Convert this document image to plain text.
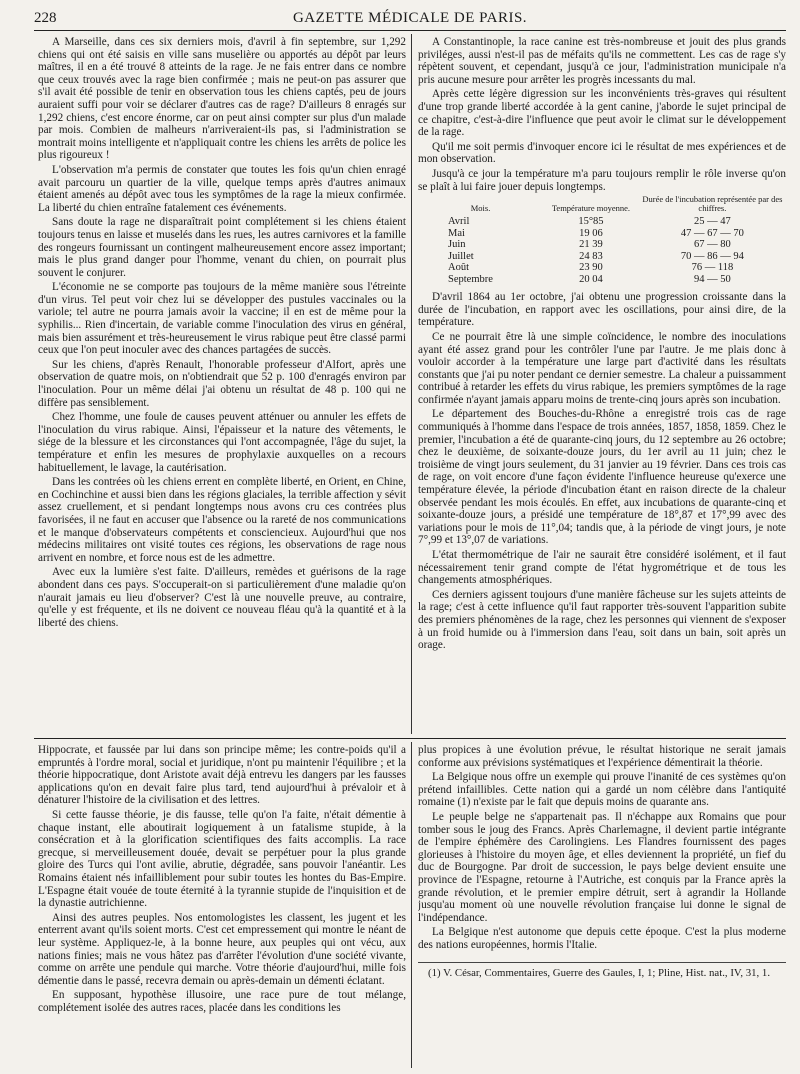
228	GAZETTE MÉDICALE DE PARIS.

A Marseille, dans ces six derniers mois, d'avril à fin septembre, sur 1,292 chiens qui ont été saisis en ville sans muselière ou apportés au dépôt par leurs maîtres, il en a été trouvé 8 atteints de la rage. Je ne fais entrer dans ce nombre que ceux trouvés avec la rage bien confirmée ; mais ne peut-on pas assurer que s'il avait été possible de tenir en observation tous les chiens captés, peu de jours auraient suffi pour voir se déclarer d'autres cas de rage? D'ailleurs 8 enragés sur 1,292 chiens, c'est encore énorme, car on peut ainsi compter sur plus d'un malade par mois. Combien de malheurs n'arriveraient-ils pas, si l'administration se montrait moins intelligente et n'appliquait contre les chiens les arrêts de police les plus rigoureux !

L'observation m'a permis de constater que toutes les fois qu'un chien enragé avait parcouru un quartier de la ville, quelque temps après d'autres animaux étaient amenés au dépôt avec tous les symptômes de la rage la mieux confirmée. La liberté du chien entraîne fatalement ces événements.

Sans doute la rage ne disparaîtrait point complétement si les chiens étaient toujours tenus en laisse et muselés dans les rues, les autres carnivores et la famille des rongeurs fournissant un contingent malheureusement encore assez important; mais le plus grand danger pour l'homme, venant du chien, on pourrait plus souvent le conjurer.

L'économie ne se comporte pas toujours de la même manière sous l'étreinte d'un virus. Tel peut voir chez lui se développer des pustules vaccinales ou la variole; tel autre ne pourra jamais avoir la vaccine; il en est de même pour la syphilis... Rien d'incertain, de variable comme l'inoculation des virus en général, mais bien assurément et très-heureusement le virus rabique peut être classé parmi ceux que l'on peut inoculer avec des chances partagées de succès.

Sur les chiens, d'après Renault, l'honorable professeur d'Alfort, après une observation de quatre mois, on n'obtiendrait que 52 p. 100 d'enragés environ par l'inoculation. Pour un même délai j'ai obtenu un résultat de 48 p. 100 qui ne diffère pas sensiblement.

Chez l'homme, une foule de causes peuvent atténuer ou annuler les effets de l'inoculation du virus rabique. Ainsi, l'épaisseur et la nature des vêtements, le siége de la blessure et les circonstances qui l'ont accompagnée, l'âge du sujet, la température et enfin les mesures de prophylaxie auxquelles on a recours habituellement, le lavage, la cautérisation.

Dans les contrées où les chiens errent en complète liberté, en Orient, en Chine, en Cochinchine et aussi bien dans les régions glaciales, la terrible affection y sévit assez cruellement, et si pendant longtemps nous avons cru ces contrées plus favorisées, il ne faut en accuser que l'absence ou la rareté de nos communications et le manque d'observateurs compétents et consciencieux. Aujourd'hui que nos médecins militaires ont visité toutes ces régions, les observations de rage nous arrivent en nombre, et force nous est de les admettre.

Avec eux la lumière s'est faite. D'ailleurs, remèdes et guérisons de la rage abondent dans ces pays. S'occuperait-on si particulièrement d'une maladie qu'on n'aurait jamais eu lieu d'observer? C'est là une nouvelle preuve, au contraire, qu'elle y est fréquente, et ils ne doivent ce nouveau fléau qu'à la quantité et à la liberté des chiens.

A Constantinople, la race canine est très-nombreuse et jouit des plus grands priviléges, aussi n'est-il pas de méfaits qu'ils ne commettent. Les cas de rage s'y répètent souvent, et cependant, jusqu'à ce jour, l'administration municipale n'a pris aucune mesure pour arrêter les progrès incessants du mal.

Après cette légère digression sur les inconvénients très-graves qui résultent d'une trop grande liberté accordée à la gent canine, j'aborde le sujet principal de ce chapitre, c'est-à-dire l'influence que peut avoir le climat sur le développement de la rage.

Qu'il me soit permis d'invoquer encore ici le résultat de mes expériences et de mon observation.

Jusqu'à ce jour la température m'a paru toujours remplir le rôle inverse qu'on se plaît à lui faire jouer depuis longtemps.

Mois.	Température moyenne.	Durée de l'incubation représentée par des chiffres.
Avril	15°85	25 — 47
Mai	19 06	47 — 67 — 70
Juin	21 39	67 — 80
Juillet	24 83	70 — 86 — 94
Août	23 90	76 — 118
Septembre	20 04	94 — 50

D'avril 1864 au 1er octobre, j'ai obtenu une progression croissante dans la durée de l'incubation, en rapport avec les oscillations, pour ainsi dire, de la température.

Ce ne pourrait être là une simple coïncidence, le nombre des inoculations ayant été assez grand pour les contrôler l'une par l'autre. Je me plais donc à vouloir accorder à la température une large part d'activité dans les résultats constants que j'ai pu noter pendant ce dernier semestre. La chaleur a puissamment contribué à retarder les effets du virus rabique, les premiers symptômes de la rage confirmée n'ayant jamais apparu moins de trente-cinq jours après son incubation.

Le département des Bouches-du-Rhône a enregistré trois cas de rage communiqués à l'homme dans l'espace de trois années, 1857, 1858, 1859. Chez le premier, l'incubation a été de quarante-cinq jours, du 12 septembre au 26 octobre; chez le deuxième, de soixante-douze jours, du 1er avril au 11 juin; chez le troisième de vingt jours seulement, du 31 janvier au 19 février. Dans ces trois cas de rage, on voit encore d'une façon évidente l'influence heureuse qu'exerce une température élevée, la période d'incubation étant en raison directe de la chaleur observée pendant les mois écoulés. En effet, aux incubations de quarante-cinq et soixante-douze jours, a présidé une température de 18°,87 et 17°,99 avec des variations pour le mois de 11°,04; tandis que, à la période de vingt jours, je note 7°,99 et 13°,07 de variations.

L'état thermométrique de l'air ne saurait être considéré isolément, et il faut nécessairement tenir grand compte de l'état hygrométrique et de tous les changements atmosphériques.

Ces derniers agissent toujours d'une manière fâcheuse sur les sujets atteints de la rage; c'est à cette influence qu'il faut rapporter très-souvent l'apparition subite des premiers phénomènes de la rage, chez les personnes qui viennent de s'exposer à un froid humide ou à l'immersion dans l'eau, soit dans un bain, soit après un orage.

Hippocrate, et faussée par lui dans son principe même; les contre-poids qu'il a empruntés à l'ordre moral, social et juridique, n'ont pu maintenir l'équilibre ; et la théorie hippocratique, dont Aristote avait déjà entrevu les dangers par les fausses applications qu'on en devait faire plus tard, tend aujourd'hui à prévaloir et à dénaturer l'histoire de la civilisation et des lettres.

Si cette fausse théorie, je dis fausse, telle qu'on l'a faite, n'était démentie à chaque instant, elle aboutirait logiquement à un fatalisme stupide, à la consécration et à la glorification scientifiques des faits accomplis. La race grecque, si merveilleusement douée, devait se perpétuer pour la plus grande gloire des Turcs qui l'ont avilie, abrutie, dégradée, sans pouvoir l'anéantir. Les Romains étaient nés infailliblement pour subir toutes les hontes du Bas-Empire. L'Espagne était vouée de toute éternité à la tyrannie stupide de l'inquisition et de la dynastie autrichienne.

Ainsi des autres peuples. Nos entomologistes les classent, les jugent et les enterrent avant qu'ils soient morts. C'est cet empressement qui montre le néant de leur système. Appliquez-le, à la bonne heure, aux peuples qui ont vécu, aux nations finies; mais ne vous hâtez pas d'arrêter l'évolution d'une société vivante, comme on arrête une pendule qui marche. Votre théorie d'aujourd'hui, mille fois démentie dans le passé, recevra demain ou après-demain un démenti éclatant.

En supposant, hypothèse illusoire, une race pure de tout mélange, complétement isolée des autres races, placée dans les conditions les

plus propices à une évolution prévue, le résultat historique ne serait jamais conforme aux prévisions systématiques et l'expérience démentirait la théorie.

La Belgique nous offre un exemple qui prouve l'inanité de ces systèmes qu'on prétend infaillibles. Cette nation qui a gardé un nom célèbre dans l'antiquité romaine (1) n'existe par le fait que depuis moins de quarante ans.

Le peuple belge ne s'appartenait pas. Il n'échappe aux Romains que pour tomber sous le joug des Francs. Après Charlemagne, il devient partie intégrante de l'empire éphémère des Carolingiens. Les Flandres fournissent des pages glorieuses à l'histoire du moyen âge, et elles deviennent la propriété, un fief du duc de Bourgogne. Par droit de succession, le pays belge devient ensuite une province de l'Espagne, retourne à l'Autriche, est conquis par la France après la grande révolution, et le premier empire détruit, sert à agrandir la Hollande jusqu'au moment où une nouvelle révolution française lui donne le signal de l'indépendance.

La Belgique n'est autonome que depuis cette époque. C'est la plus moderne des nations européennes, hormis l'Italie.

(1) V. César, Commentaires, Guerre des Gaules, I, 1; Pline, Hist. nat., IV, 31, 1.
